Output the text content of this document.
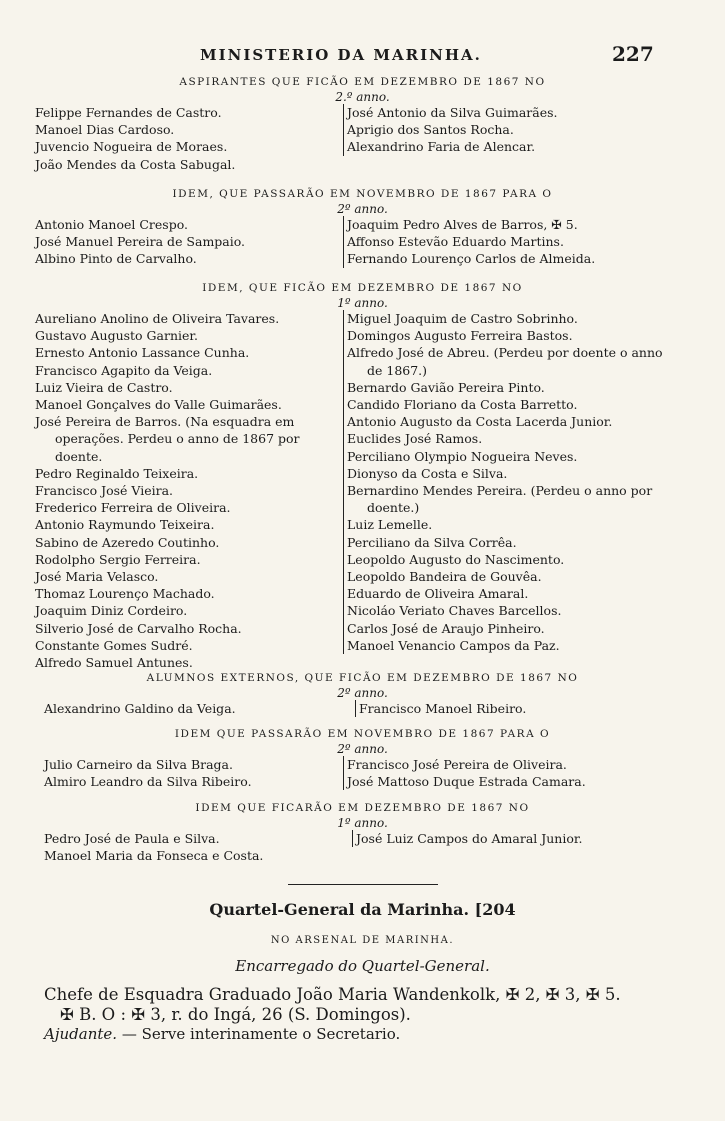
MINISTERIO DA MARINHA.	227
ASPIRANTES QUE FICÃO EM DEZEMBRO DE 1867 NO
2.º anno.
Felippe Fernandes de Castro.
Manoel Dias Cardoso.
Juvencio Nogueira de Moraes.
João Mendes da Costa Sabugal.
José Antonio da Silva Guimarães.
Aprigio dos Santos Rocha.
Alexandrino Faria de Alencar.
IDEM, QUE PASSARÃO EM NOVEMBRO DE 1867 PARA O
2º anno.
Antonio Manoel Crespo.
José Manuel Pereira de Sampaio.
Albino Pinto de Carvalho.
Joaquim Pedro Alves de Barros, ✠ 5.
Affonso Estevão Eduardo Martins.
Fernando Lourenço Carlos de Almeida.
IDEM, QUE FICÃO EM DEZEMBRO DE 1867 NO
1º anno.
Aureliano Anolino de Oliveira Tavares.
Gustavo Augusto Garnier.
Ernesto Antonio Lassance Cunha.
Francisco Agapito da Veiga.
Luiz Vieira de Castro.
Manoel Gonçalves do Valle Guimarães.
José Pereira de Barros. (Na esquadra em operações. Perdeu o anno de 1867 por doente.
Pedro Reginaldo Teixeira.
Francisco José Vieira.
Frederico Ferreira de Oliveira.
Antonio Raymundo Teixeira.
Sabino de Azeredo Coutinho.
Rodolpho Sergio Ferreira.
José Maria Velasco.
Thomaz Lourenço Machado.
Joaquim Diniz Cordeiro.
Silverio José de Carvalho Rocha.
Constante Gomes Sudré.
Alfredo Samuel Antunes.
Miguel Joaquim de Castro Sobrinho.
Domingos Augusto Ferreira Bastos.
Alfredo José de Abreu. (Perdeu por doente o anno de 1867.)
Bernardo Gavião Pereira Pinto.
Candido Floriano da Costa Barretto.
Antonio Augusto da Costa Lacerda Junior.
Euclides José Ramos.
Perciliano Olympio Nogueira Neves.
Dionyso da Costa e Silva.
Bernardino Mendes Pereira. (Perdeu o anno por doente.)
Luiz Lemelle.
Perciliano da Silva Corrêa.
Leopoldo Augusto do Nascimento.
Leopoldo Bandeira de Gouvêa.
Eduardo de Oliveira Amaral.
Nicoláo Veriato Chaves Barcellos.
Carlos José de Araujo Pinheiro.
Manoel Venancio Campos da Paz.
ALUMNOS EXTERNOS, QUE FICÃO EM DEZEMBRO DE 1867 NO
2º anno.
Alexandrino Galdino da Veiga.	Francisco Manoel Ribeiro.
IDEM QUE PASSARÃO EM NOVEMBRO DE 1867 PARA O
2º anno.
Julio Carneiro da Silva Braga.
Almiro Leandro da Silva Ribeiro.
Francisco José Pereira de Oliveira.
José Mattoso Duque Estrada Camara.
IDEM QUE FICARÃO EM DEZEMBRO DE 1867 NO
1º anno.
Pedro José de Paula e Silva.
Manoel Maria da Fonseca e Costa.
José Luiz Campos do Amaral Junior.
Quartel-General da Marinha. [204
NO ARSENAL DE MARINHA.
Encarregado do Quartel-General.
Chefe de Esquadra Graduado João Maria Wandenkolk, ✠ 2, ✠ 3, ✠ 5.
✠ B. O : ✠ 3, r. do Ingá, 26 (S. Domingos).
Ajudante. — Serve interinamente o Secretario.
